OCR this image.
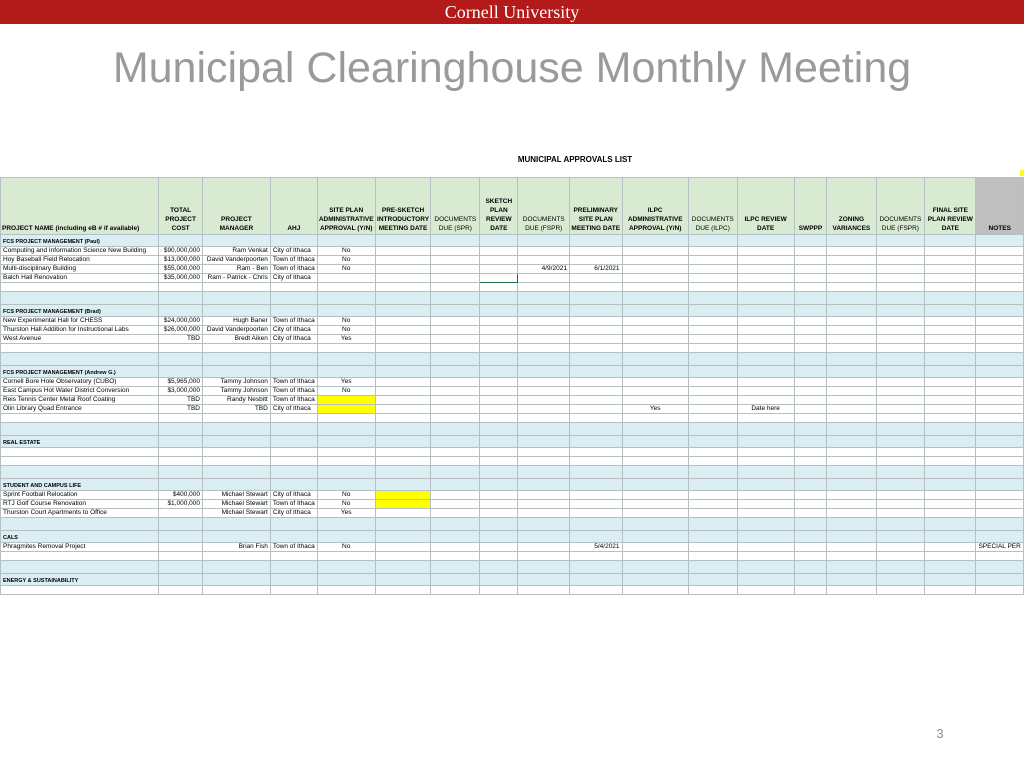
Cornell University
Municipal Clearinghouse Monthly Meeting
MUNICIPAL APPROVALS LIST
PROJECT NAME (including eB # if available)	TOTAL PROJECT COST	PROJECT MANAGER	AHJ	SITE PLAN ADMINISTRATIVE APPROVAL (Y/N)	PRE-SKETCH INTRODUCTORY MEETING DATE	DOCUMENTS DUE (SPR)	SKETCH PLAN REVIEW DATE	DOCUMENTS DUE (FSPR)	PRELIMINARY SITE PLAN MEETING DATE	ILPC ADMINISTRATIVE APPROVAL (Y/N)	DOCUMENTS DUE (ILPC)	ILPC REVIEW DATE	SWPPP	ZONING VARIANCES	DOCUMENTS DUE (FSPR)	FINAL SITE PLAN REVIEW DATE	NOTES
FCS PROJECT MANAGEMENT (Paul)																	
Computing and Information Science New Building	$90,000,000	Ram Venkat	City of Ithaca	No													
Hoy Baseball Field Relocation	$13,000,000	David Vanderpoorten	Town of Ithaca	No													
Multi-disciplinary Building	$55,000,000	Ram - Ben	Town of Ithaca	No				4/9/2021	6/1/2021								
Balch Hall Renovation	$35,000,000	Ram - Patrick - Chris	City of Ithaca														

FCS PROJECT MANAGEMENT (Brad)																	
New Experimental Hall for CHESS	$24,000,000	Hugh Baner	Town of Ithaca	No													
Thurston Hall Addition for Instructional Labs	$26,000,000	David Vanderpoorten	City of Ithaca	No													
West Avenue	TBD	Bredt Aiken	City of Ithaca	Yes													

FCS PROJECT MANAGEMENT (Andrew G.)																	
Cornell Bore Hole Observatory (CUBO)	$5,965,000	Tammy Johnson	Town of Ithaca	Yes													
East Campus Hot Water District Conversion	$3,000,000	Tammy Johnson	Town of Ithaca	No													
Reis Tennis Center Metal Roof Coating	TBD	Randy Nesbitt	Town of Ithaca														
Olin Library Quad Entrance	TBD	TBD	City of Ithaca							Yes		Date here					

REAL ESTATE																	

STUDENT AND CAMPUS LIFE																	
Sprint Football Relocation	$400,000	Michael Stewart	City of Ithaca	No													
RTJ Golf Course Renovation	$1,000,000	Michael Stewart	Town of Ithaca	No													
Thurston Court Apartments to Office		Michael Stewart	City of Ithaca	Yes													

CALS																	
Phragmites Removal Project		Brian Fish	Town of Ithaca	No					5/4/2021								SPECIAL PER

ENERGY & SUSTAINABILITY																	

3
